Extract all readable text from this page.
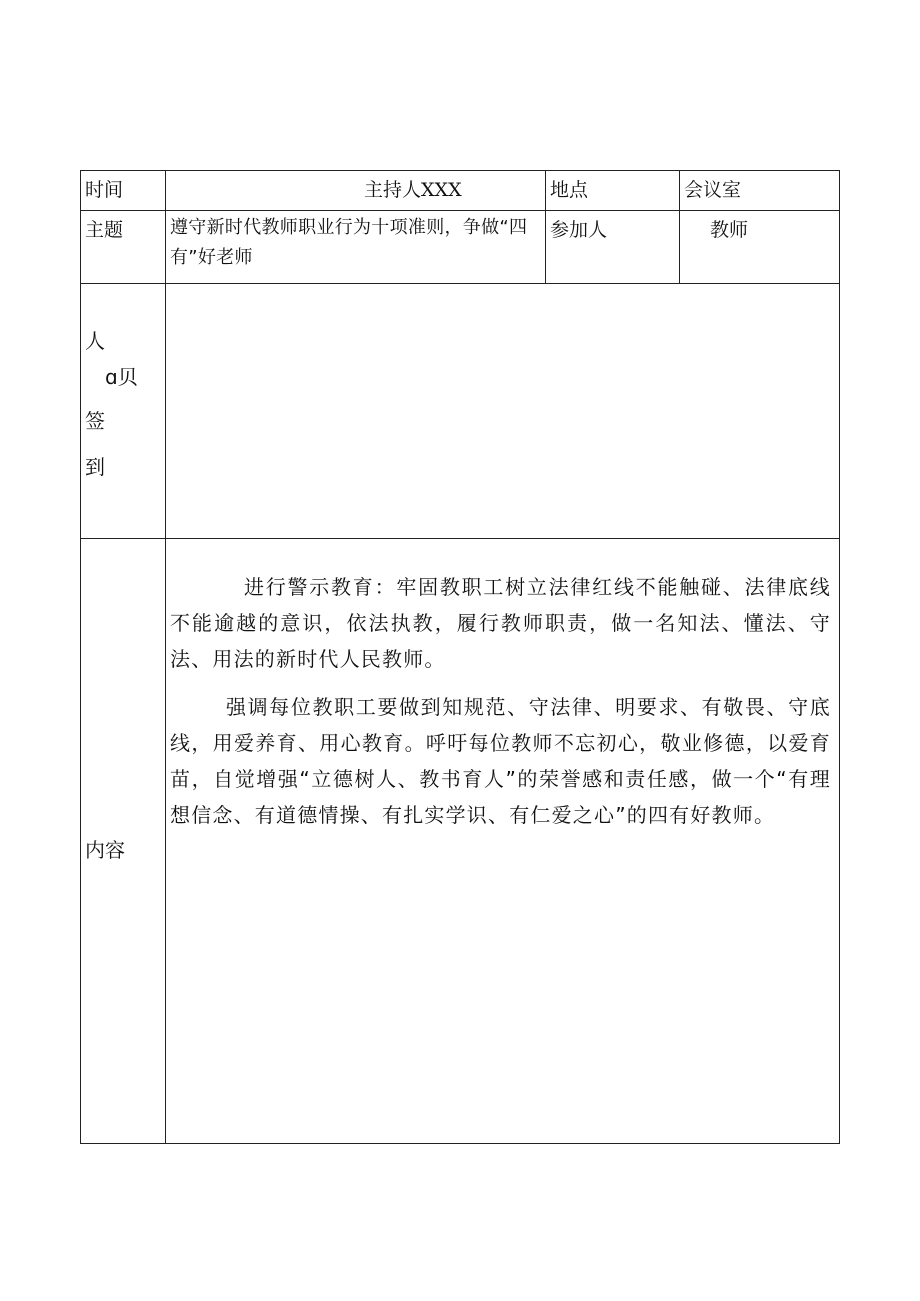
时间	主持人XXX	地点	会议室

主题	遵守新时代教师职业行为十项准则，争做“四有”好老师	参加人	教师

人
ɑ贝
签
到			

内容	进行警示教育：牢固教职工树立法律红线不能触碰、法律底线不能逾越的意识，依法执教，履行教师职责，做一名知法、懂法、守法、用法的新时代人民教师。

强调每位教职工要做到知规范、守法律、明要求、有敬畏、守底线，用爱养育、用心教育。呼吁每位教师不忘初心，敬业修德，以爱育苗，自觉增强“立德树人、教书育人”的荣誉感和责任感，做一个“有理想信念、有道德情操、有扎实学识、有仁爱之心”的四有好教师。		
